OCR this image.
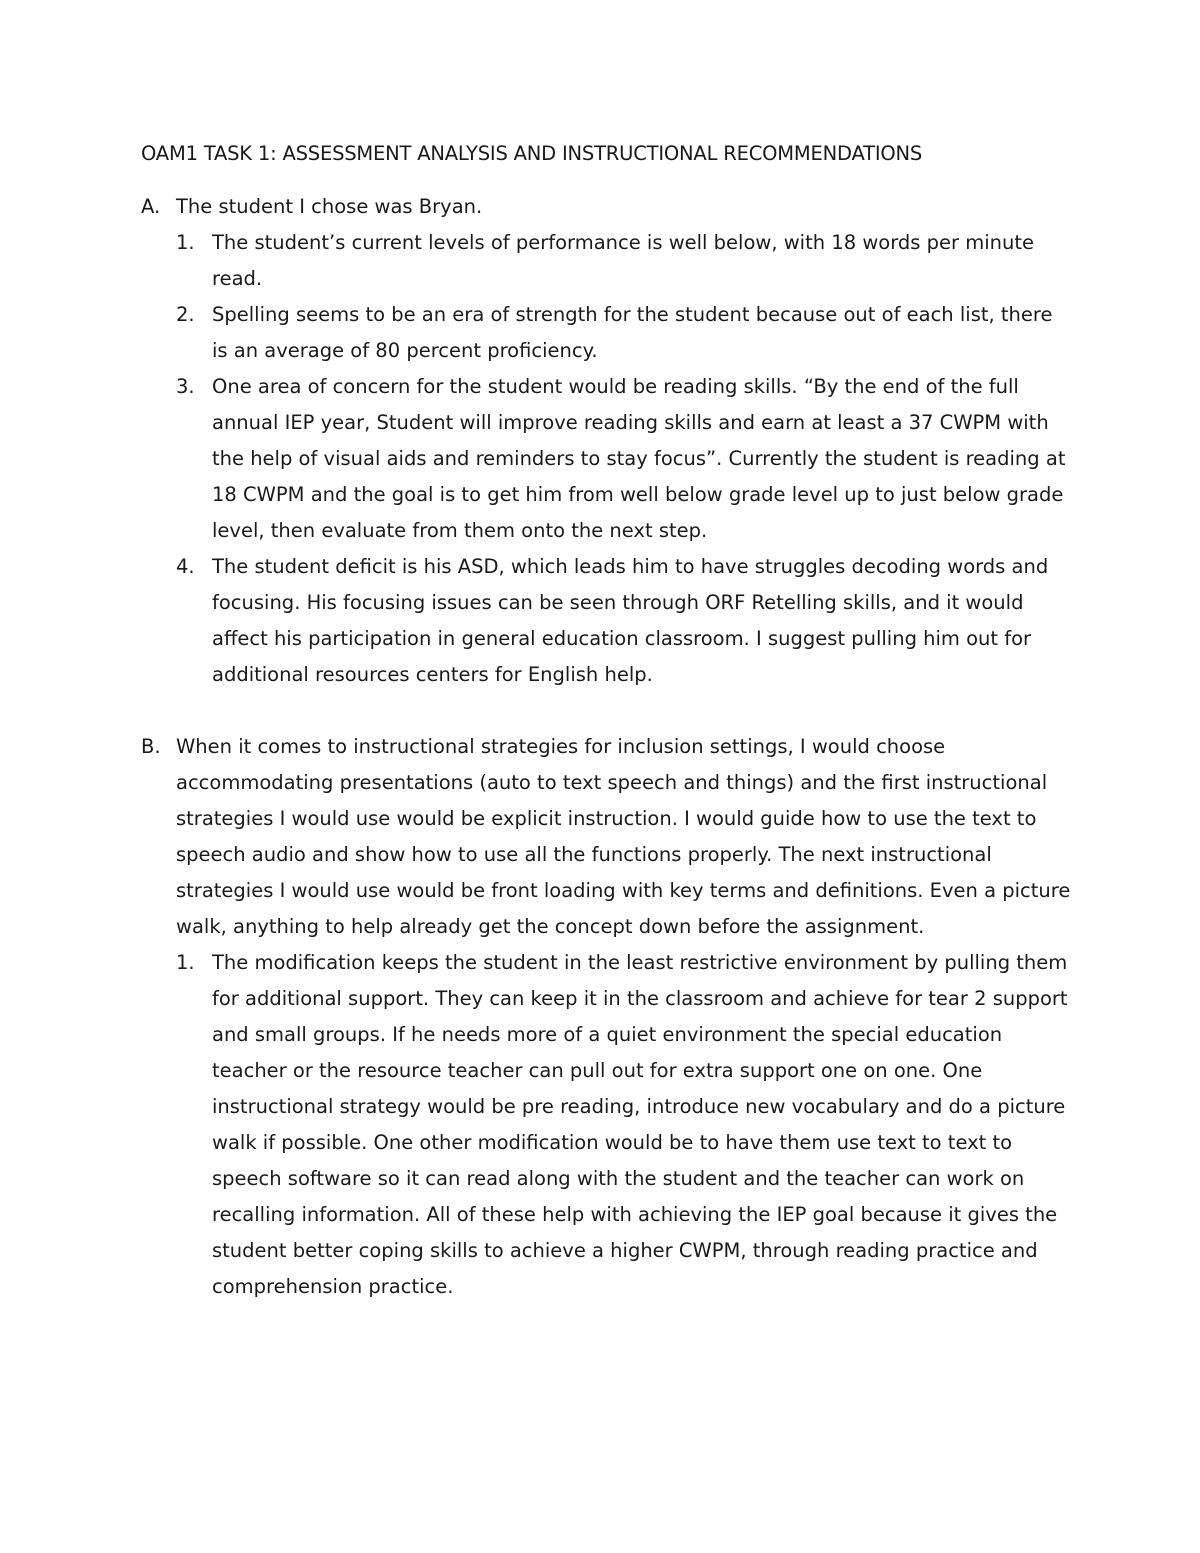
OAM1 TASK 1: ASSESSMENT ANALYSIS AND INSTRUCTIONAL RECOMMENDATIONS
A. The student I chose was Bryan.
1. The student’s current levels of performance is well below, with 18 words per minute read.
2. Spelling seems to be an era of strength for the student because out of each list, there is an average of 80 percent proficiency.
3. One area of concern for the student would be reading skills. “By the end of the full annual IEP year, Student will improve reading skills and earn at least a 37 CWPM with the help of visual aids and reminders to stay focus”. Currently the student is reading at 18 CWPM and the goal is to get him from well below grade level up to just below grade level, then evaluate from them onto the next step.
4. The student deficit is his ASD, which leads him to have struggles decoding words and focusing. His focusing issues can be seen through ORF Retelling skills, and it would affect his participation in general education classroom. I suggest pulling him out for additional resources centers for English help.
B. When it comes to instructional strategies for inclusion settings, I would choose accommodating presentations (auto to text speech and things) and the first instructional strategies I would use would be explicit instruction. I would guide how to use the text to speech audio and show how to use all the functions properly. The next instructional strategies I would use would be front loading with key terms and definitions. Even a picture walk, anything to help already get the concept down before the assignment.
1. The modification keeps the student in the least restrictive environment by pulling them for additional support. They can keep it in the classroom and achieve for tear 2 support and small groups. If he needs more of a quiet environment the special education teacher or the resource teacher can pull out for extra support one on one. One instructional strategy would be pre reading, introduce new vocabulary and do a picture walk if possible. One other modification would be to have them use text to text to speech software so it can read along with the student and the teacher can work on recalling information. All of these help with achieving the IEP goal because it gives the student better coping skills to achieve a higher CWPM, through reading practice and comprehension practice.
